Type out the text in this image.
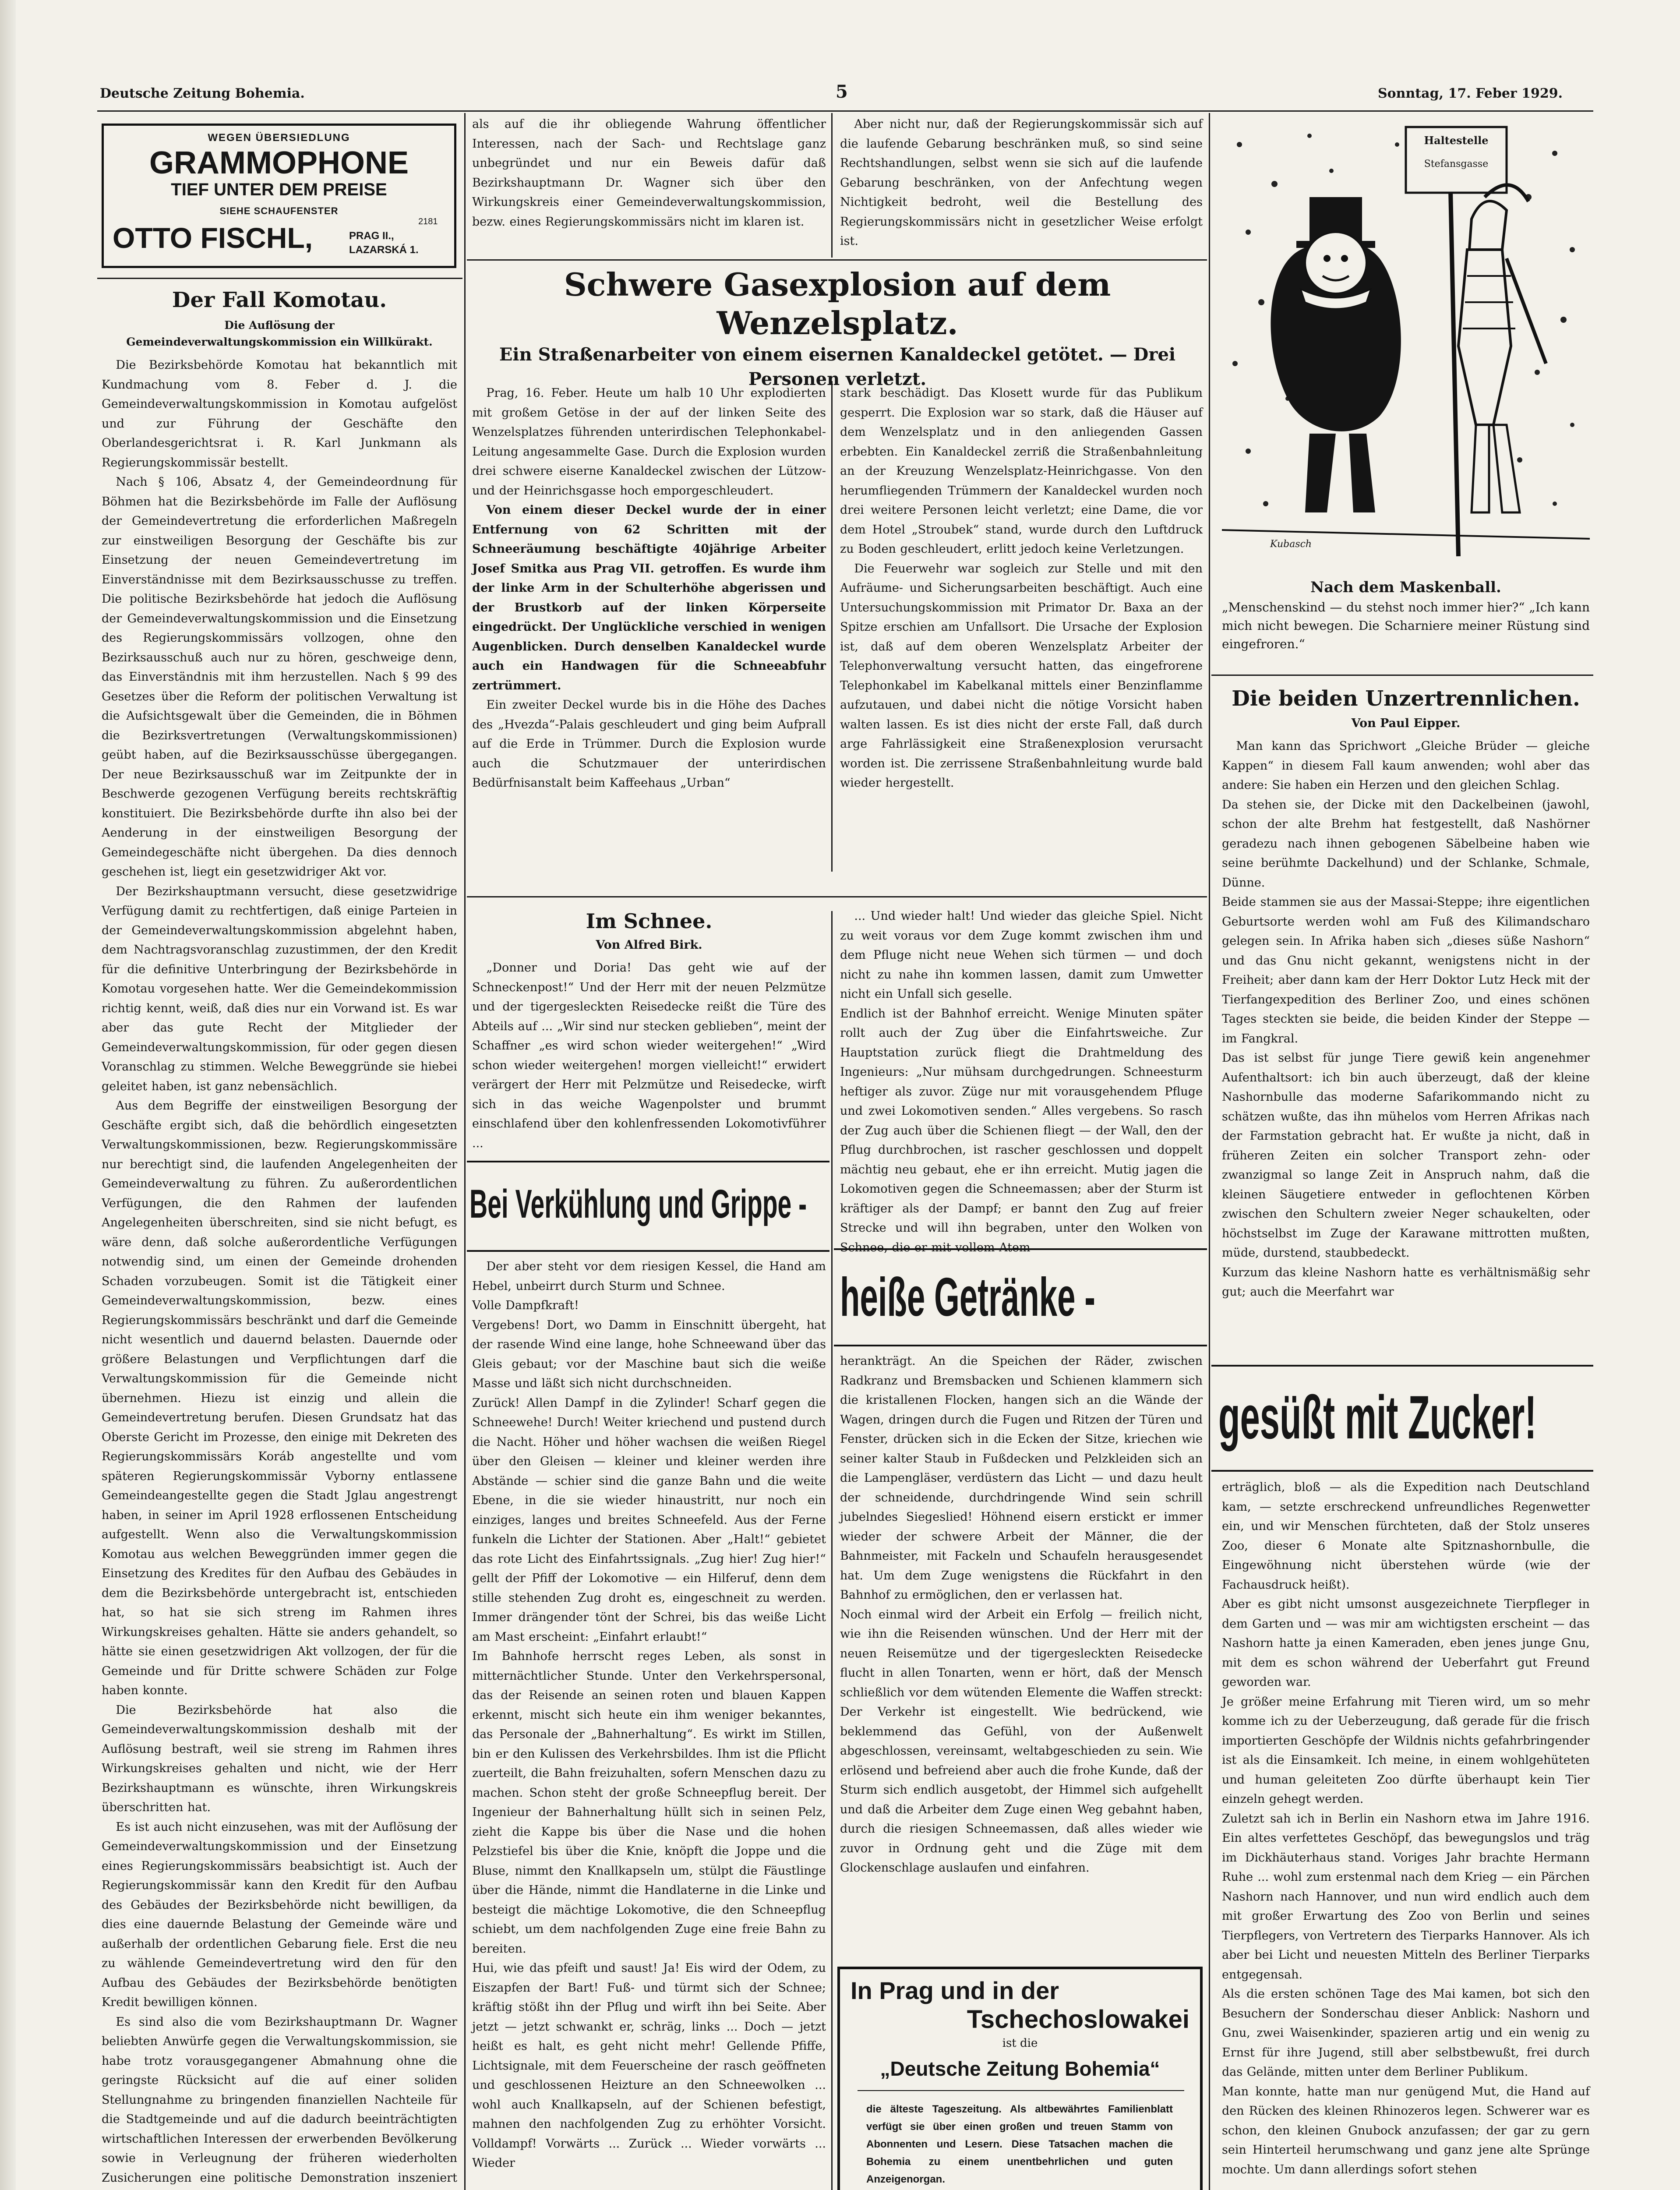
Deutsche Zeitung Bohemia.	5	Sonntag, 17. Feber 1929.
WEGEN ÜBERSIEDLUNG
GRAMMOPHONE
TIEF UNTER DEM PREISE
SIEHE SCHAUFENSTER
2181
OTTO FISCHL,	PRAG II., LAZARSKÁ 1.

Der Fall Komotau.

Die Auflösung der Gemeindeverwaltungskommission ein Willkürakt.

Die Bezirksbehörde Komotau hat bekanntlich mit Kundmachung vom 8. Feber d. J. die Gemeindeverwaltungskommission in Komotau aufgelöst und zur Führung der Geschäfte den Oberlandesgerichtsrat i. R. Karl Junkmann als Regierungskommissär bestellt.

Nach § 106, Absatz 4, der Gemeindeordnung für Böhmen hat die Bezirksbehörde im Falle der Auflösung der Gemeindevertretung die erforderlichen Maßregeln zur einstweiligen Besorgung der Geschäfte bis zur Einsetzung der neuen Gemeindevertretung im Einverständnisse mit dem Bezirksausschusse zu treffen. Die politische Bezirksbehörde hat jedoch die Auflösung der Gemeindeverwaltungskommission und die Einsetzung des Regierungskommissärs vollzogen, ohne den Bezirksausschuß auch nur zu hören, geschweige denn, das Einverständnis mit ihm herzustellen. Nach § 99 des Gesetzes über die Reform der politischen Verwaltung ist die Aufsichtsgewalt über die Gemeinden, die in Böhmen die Bezirksvertretungen (Verwaltungskommissionen) geübt haben, auf die Bezirksausschüsse übergegangen. Der neue Bezirksausschuß war im Zeitpunkte der in Beschwerde gezogenen Verfügung bereits rechtskräftig konstituiert. Die Bezirksbehörde durfte ihn also bei der Aenderung in der einstweiligen Besorgung der Gemeindegeschäfte nicht übergehen. Da dies dennoch geschehen ist, liegt ein gesetzwidriger Akt vor.

Der Bezirkshauptmann versucht, diese gesetzwidrige Verfügung damit zu rechtfertigen, daß einige Parteien in der Gemeindeverwaltungskommission abgelehnt haben, dem Nachtragsvoranschlag zuzustimmen, der den Kredit für die definitive Unterbringung der Bezirksbehörde in Komotau vorgesehen hatte. Wer die Gemeindekommission richtig kennt, weiß, daß dies nur ein Vorwand ist. Es war aber das gute Recht der Mitglieder der Gemeindeverwaltungskommission, für oder gegen diesen Voranschlag zu stimmen. Welche Beweggründe sie hiebei geleitet haben, ist ganz nebensächlich.

Aus dem Begriffe der einstweiligen Besorgung der Geschäfte ergibt sich, daß die behördlich eingesetzten Verwaltungskommissionen, bezw. Regierungskommissäre nur berechtigt sind, die laufenden Angelegenheiten der Gemeindeverwaltung zu führen. Zu außerordentlichen Verfügungen, die den Rahmen der laufenden Angelegenheiten überschreiten, sind sie nicht befugt, es wäre denn, daß solche außerordentliche Verfügungen notwendig sind, um einen der Gemeinde drohenden Schaden vorzubeugen. Somit ist die Tätigkeit einer Gemeindeverwaltungskommission, bezw. eines Regierungskommissärs beschränkt und darf die Gemeinde nicht wesentlich und dauernd belasten. Dauernde oder größere Belastungen und Verpflichtungen darf die Verwaltungskommission für die Gemeinde nicht übernehmen. Hiezu ist einzig und allein die Gemeindevertretung berufen. Diesen Grundsatz hat das Oberste Gericht im Prozesse, den einige mit Dekreten des Regierungskommissärs Koráb angestellte und vom späteren Regierungskommissär Vyborny entlassene Gemeindeangestellte gegen die Stadt Jglau angestrengt haben, in seiner im April 1928 erflossenen Entscheidung aufgestellt. Wenn also die Verwaltungskommission Komotau aus welchen Beweggründen immer gegen die Einsetzung des Kredites für den Aufbau des Gebäudes in dem die Bezirksbehörde untergebracht ist, entschieden hat, so hat sie sich streng im Rahmen ihres Wirkungskreises gehalten. Hätte sie anders gehandelt, so hätte sie einen gesetzwidrigen Akt vollzogen, der für die Gemeinde und für Dritte schwere Schäden zur Folge haben konnte.

Die Bezirksbehörde hat also die Gemeindeverwaltungskommission deshalb mit der Auflösung bestraft, weil sie streng im Rahmen ihres Wirkungskreises gehalten und nicht, wie der Herr Bezirkshauptmann es wünschte, ihren Wirkungskreis überschritten hat.

Es ist auch nicht einzusehen, was mit der Auflösung der Gemeindeverwaltungskommission und der Einsetzung eines Regierungskommissärs beabsichtigt ist. Auch der Regierungskommissär kann den Kredit für den Aufbau des Gebäudes der Bezirksbehörde nicht bewilligen, da dies eine dauernde Belastung der Gemeinde wäre und außerhalb der ordentlichen Gebarung fiele. Erst die neu zu wählende Gemeindevertretung wird den für den Aufbau des Gebäudes der Bezirksbehörde benötigten Kredit bewilligen können.

Es sind also die vom Bezirkshauptmann Dr. Wagner beliebten Anwürfe gegen die Verwaltungskommission, sie habe trotz vorausgegangener Abmahnung ohne die geringste Rücksicht auf die auf einer soliden Stellungnahme zu bringenden finanziellen Nachteile für die Stadtgemeinde und auf die dadurch beeinträchtigten wirtschaftlichen Interessen der erwerbenden Bevölkerung sowie in Verleugnung der früheren wiederholten Zusicherungen eine politische Demonstration inszeniert

als auf die ihr obliegende Wahrung öffentlicher Interessen, nach der Sach- und Rechtslage ganz unbegründet und nur ein Beweis dafür daß Bezirkshauptmann Dr. Wagner sich über den Wirkungskreis einer Gemeindeverwaltungskommission, bezw. eines Regierungskommissärs nicht im klaren ist.

Aber nicht nur, daß der Regierungskommissär sich auf die laufende Gebarung beschränken muß, so sind seine Rechtshandlungen, selbst wenn sie sich auf die laufende Gebarung beschränken, von der Anfechtung wegen Nichtigkeit bedroht, weil die Bestellung des Regierungskommissärs nicht in gesetzlicher Weise erfolgt ist.

Schwere Gasexplosion auf dem Wenzelsplatz.

Ein Straßenarbeiter von einem eisernen Kanaldeckel getötet. — Drei Personen verletzt.

Prag, 16. Feber. Heute um halb 10 Uhr explodierten mit großem Getöse in der auf der linken Seite des Wenzelsplatzes führenden unterirdischen Telephonkabel-Leitung angesammelte Gase. Durch die Explosion wurden drei schwere eiserne Kanaldeckel zwischen der Lützow- und der Heinrichsgasse hoch emporgeschleudert.

Von einem dieser Deckel wurde der in einer Entfernung von 62 Schritten mit der Schneeräumung beschäftigte 40jährige Arbeiter Josef Smitka aus Prag VII. getroffen. Es wurde ihm der linke Arm in der Schulterhöhe abgerissen und der Brustkorb auf der linken Körperseite eingedrückt. Der Unglückliche verschied in wenigen Augenblicken. Durch denselben Kanaldeckel wurde auch ein Handwagen für die Schneeabfuhr zertrümmert.

Ein zweiter Deckel wurde bis in die Höhe des Daches des „Hvezda“-Palais geschleudert und ging beim Aufprall auf die Erde in Trümmer. Durch die Explosion wurde auch die Schutzmauer der unterirdischen Bedürfnisanstalt beim Kaffeehaus „Urban“

stark beschädigt. Das Klosett wurde für das Publikum gesperrt. Die Explosion war so stark, daß die Häuser auf dem Wenzelsplatz und in den anliegenden Gassen erbebten. Ein Kanaldeckel zerriß die Straßenbahnleitung an der Kreuzung Wenzelsplatz-Heinrichgasse. Von den herumfliegenden Trümmern der Kanaldeckel wurden noch drei weitere Personen leicht verletzt; eine Dame, die vor dem Hotel „Stroubek“ stand, wurde durch den Luftdruck zu Boden geschleudert, erlitt jedoch keine Verletzungen.

Die Feuerwehr war sogleich zur Stelle und mit den Aufräume- und Sicherungsarbeiten beschäftigt. Auch eine Untersuchungskommission mit Primator Dr. Baxa an der Spitze erschien am Unfallsort. Die Ursache der Explosion ist, daß auf dem oberen Wenzelsplatz Arbeiter der Telephonverwaltung versucht hatten, das eingefrorene Telephonkabel im Kabelkanal mittels einer Benzinflamme aufzutauen, und dabei nicht die nötige Vorsicht haben walten lassen. Es ist dies nicht der erste Fall, daß durch arge Fahrlässigkeit eine Straßenexplosion verursacht worden ist. Die zerrissene Straßenbahnleitung wurde bald wieder hergestellt.

Im Schnee.

Von Alfred Birk.

„Donner und Doria! Das geht wie auf der Schneckenpost!“ Und der Herr mit der neuen Pelzmütze und der tigergesleckten Reisedecke reißt die Türe des Abteils auf ... „Wir sind nur stecken geblieben“, meint der Schaffner „es wird schon wieder weitergehen!“ „Wird schon wieder weitergehen! morgen vielleicht!“ erwidert verärgert der Herr mit Pelzmütze und Reisedecke, wirft sich in das weiche Wagenpolster und brummt einschlafend über den kohlenfressenden Lokomotivführer ...

Bei Verkühlung und Grippe -

Der aber steht vor dem riesigen Kessel, die Hand am Hebel, unbeirrt durch Sturm und Schnee.
Volle Dampfkraft!
Vergebens! Dort, wo Damm in Einschnitt übergeht, hat der rasende Wind eine lange, hohe Schneewand über das Gleis gebaut; vor der Maschine baut sich die weiße Masse und läßt sich nicht durchschneiden.
Zurück! Allen Dampf in die Zylinder! Scharf gegen die Schneewehe! Durch! Weiter kriechend und pustend durch die Nacht. Höher und höher wachsen die weißen Riegel über den Gleisen — kleiner und kleiner werden ihre Abstände — schier sind die ganze Bahn und die weite Ebene, in die sie wieder hinaustritt, nur noch ein einziges, langes und breites Schneefeld. Aus der Ferne funkeln die Lichter der Stationen. Aber „Halt!“ gebietet das rote Licht des Einfahrtssignals. „Zug hier! Zug hier!“ gellt der Pfiff der Lokomotive — ein Hilferuf, denn dem stille stehenden Zug droht es, eingeschneit zu werden. Immer drängender tönt der Schrei, bis das weiße Licht am Mast erscheint: „Einfahrt erlaubt!“
Im Bahnhofe herrscht reges Leben, als sonst in mitternächtlicher Stunde. Unter den Verkehrspersonal, das der Reisende an seinen roten und blauen Kappen erkennt, mischt sich heute ein ihm weniger bekanntes, das Personale der „Bahnerhaltung“. Es wirkt im Stillen, bin er den Kulissen des Verkehrsbildes. Ihm ist die Pflicht zuerteilt, die Bahn freizuhalten, sofern Menschen dazu zu machen. Schon steht der große Schneepflug bereit. Der Ingenieur der Bahnerhaltung hüllt sich in seinen Pelz, zieht die Kappe bis über die Nase und die hohen Pelzstiefel bis über die Knie, knöpft die Joppe und die Bluse, nimmt den Knallkapseln um, stülpt die Fäustlinge über die Hände, nimmt die Handlaterne in die Linke und besteigt die mächtige Lokomotive, die den Schneepflug schiebt, um dem nachfolgenden Zuge eine freie Bahn zu bereiten.
Hui, wie das pfeift und saust! Ja! Eis wird der Odem, zu Eiszapfen der Bart! Fuß- und türmt sich der Schnee; kräftig stößt ihn der Pflug und wirft ihn bei Seite. Aber jetzt — jetzt schwankt er, schräg, links ... Doch — jetzt heißt es halt, es geht nicht mehr! Gellende Pfiffe, Lichtsignale, mit dem Feuerscheine der rasch geöffneten und geschlossenen Heizture an den Schneewolken ... wohl auch Knallkapseln, auf der Schienen befestigt, mahnen den nachfolgenden Zug zu erhöhter Vorsicht. Volldampf! Vorwärts ... Zurück ... Wieder vorwärts ... Wieder

... Und wieder halt! Und wieder das gleiche Spiel. Nicht zu weit voraus vor dem Zuge kommt zwischen ihm und dem Pfluge nicht neue Wehen sich türmen — und doch nicht zu nahe ihn kommen lassen, damit zum Umwetter nicht ein Unfall sich geselle.
Endlich ist der Bahnhof erreicht. Wenige Minuten später rollt auch der Zug über die Einfahrtsweiche. Zur Hauptstation zurück fliegt die Drahtmeldung des Ingenieurs: „Nur mühsam durchgedrungen. Schneesturm heftiger als zuvor. Züge nur mit vorausgehendem Pfluge und zwei Lokomotiven senden.“ Alles vergebens. So rasch der Zug auch über die Schienen fliegt — der Wall, den der Pflug durchbrochen, ist rascher geschlossen und doppelt mächtig neu gebaut, ehe er ihn erreicht. Mutig jagen die Lokomotiven gegen die Schneemassen; aber der Sturm ist kräftiger als der Dampf; er bannt den Zug auf freier Strecke und will ihn begraben, unter den Wolken von Schnee, die er mit vollem Atem

heiße Getränke -

herankträgt. An die Speichen der Räder, zwischen Radkranz und Bremsbacken und Schienen klammern sich die kristallenen Flocken, hangen sich an die Wände der Wagen, dringen durch die Fugen und Ritzen der Türen und Fenster, drücken sich in die Ecken der Sitze, kriechen wie seiner kalter Staub in Fußdecken und Pelzkleiden sich an die Lampengläser, verdüstern das Licht — und dazu heult der schneidende, durchdringende Wind sein schrill jubelndes Siegeslied! Höhnend eisern erstickt er immer wieder der schwere Arbeit der Männer, die der Bahnmeister, mit Fackeln und Schaufeln herausgesendet hat. Um dem Zuge wenigstens die Rückfahrt in den Bahnhof zu ermöglichen, den er verlassen hat.
Noch einmal wird der Arbeit ein Erfolg — freilich nicht, wie ihn die Reisenden wünschen. Und der Herr mit der neuen Reisemütze und der tigergesleckten Reisedecke flucht in allen Tonarten, wenn er hört, daß der Mensch schließlich vor dem wütenden Elemente die Waffen streckt: Der Verkehr ist eingestellt. Wie bedrückend, wie beklemmend das Gefühl, von der Außenwelt abgeschlossen, vereinsamt, weltabgeschieden zu sein. Wie erlösend und befreiend aber auch die frohe Kunde, daß der Sturm sich endlich ausgetobt, der Himmel sich aufgehellt und daß die Arbeiter dem Zuge einen Weg gebahnt haben, durch die riesigen Schneemassen, daß alles wieder wie zuvor in Ordnung geht und die Züge mit dem Glockenschlage auslaufen und einfahren.

In Prag und in der
Tschechoslowakei
ist die
„Deutsche Zeitung Bohemia“
die älteste Tageszeitung. Als altbewährtes Familienblatt verfügt sie über einen großen und treuen Stamm von Abonnenten und Lesern. Diese Tatsachen machen die Bohemia zu einem unentbehrlichen und guten Anzeigenorgan.
Haltestelle
Stefansgasse
Kubasch

Nach dem Maskenball.

„Menschenskind — du stehst noch immer hier?“ „Ich kann mich nicht bewegen. Die Scharniere meiner Rüstung sind eingefroren.“

Die beiden Unzertrennlichen.

Von Paul Eipper.

Man kann das Sprichwort „Gleiche Brüder — gleiche Kappen“ in diesem Fall kaum anwenden; wohl aber das andere: Sie haben ein Herzen und den gleichen Schlag.
Da stehen sie, der Dicke mit den Dackelbeinen (jawohl, schon der alte Brehm hat festgestellt, daß Nashörner geradezu nach ihnen gebogenen Säbelbeine haben wie seine berühmte Dackelhund) und der Schlanke, Schmale, Dünne.
Beide stammen sie aus der Massai-Steppe; ihre eigentlichen Geburtsorte werden wohl am Fuß des Kilimandscharo gelegen sein. In Afrika haben sich „dieses süße Nashorn“ und das Gnu nicht gekannt, wenigstens nicht in der Freiheit; aber dann kam der Herr Doktor Lutz Heck mit der Tierfangexpedition des Berliner Zoo, und eines schönen Tages steckten sie beide, die beiden Kinder der Steppe — im Fangkral.
Das ist selbst für junge Tiere gewiß kein angenehmer Aufenthaltsort: ich bin auch überzeugt, daß der kleine Nashornbulle das moderne Safarikommando nicht zu schätzen wußte, das ihn mühelos vom Herren Afrikas nach der Farmstation gebracht hat. Er wußte ja nicht, daß in früheren Zeiten ein solcher Transport zehn- oder zwanzigmal so lange Zeit in Anspruch nahm, daß die kleinen Säugetiere entweder in geflochtenen Körben zwischen den Schultern zweier Neger schaukelten, oder höchstselbst im Zuge der Karawane mittrotten mußten, müde, durstend, staubbedeckt.
Kurzum das kleine Nashorn hatte es verhältnismäßig sehr gut; auch die Meerfahrt war

gesüßt mit Zucker!

erträglich, bloß — als die Expedition nach Deutschland kam, — setzte erschreckend unfreundliches Regenwetter ein, und wir Menschen fürchteten, daß der Stolz unseres Zoo, dieser 6 Monate alte Spitznashornbulle, die Eingewöhnung nicht überstehen würde (wie der Fachausdruck heißt).
Aber es gibt nicht umsonst ausgezeichnete Tierpfleger in dem Garten und — was mir am wichtigsten erscheint — das Nashorn hatte ja einen Kameraden, eben jenes junge Gnu, mit dem es schon während der Ueberfahrt gut Freund geworden war.
Je größer meine Erfahrung mit Tieren wird, um so mehr komme ich zu der Ueberzeugung, daß gerade für die frisch importierten Geschöpfe der Wildnis nichts gefahrbringender ist als die Einsamkeit. Ich meine, in einem wohlgehüteten und human geleiteten Zoo dürfte überhaupt kein Tier einzeln gehegt werden.
Zuletzt sah ich in Berlin ein Nashorn etwa im Jahre 1916. Ein altes verfettetes Geschöpf, das bewegungslos und träg im Dickhäuterhaus stand. Voriges Jahr brachte Hermann Ruhe ... wohl zum erstenmal nach dem Krieg — ein Pärchen Nashorn nach Hannover, und nun wird endlich auch dem mit großer Erwartung des Zoo von Berlin und seines Tierpflegers, von Vertretern des Tierparks Hannover. Als ich aber bei Licht und neuesten Mitteln des Berliner Tierparks entgegensah.
Als die ersten schönen Tage des Mai kamen, bot sich den Besuchern der Sonderschau dieser Anblick: Nashorn und Gnu, zwei Waisenkinder, spazieren artig und ein wenig zu Ernst für ihre Jugend, still aber selbstbewußt, frei durch das Gelände, mitten unter dem Berliner Publikum.
Man konnte, hatte man nur genügend Mut, die Hand auf den Rücken des kleinen Rhinozeros legen. Schwerer war es schon, den kleinen Gnubock anzufassen; der gar zu gern sein Hinterteil herumschwang und ganz jene alte Sprünge mochte. Um dann allerdings sofort stehen
